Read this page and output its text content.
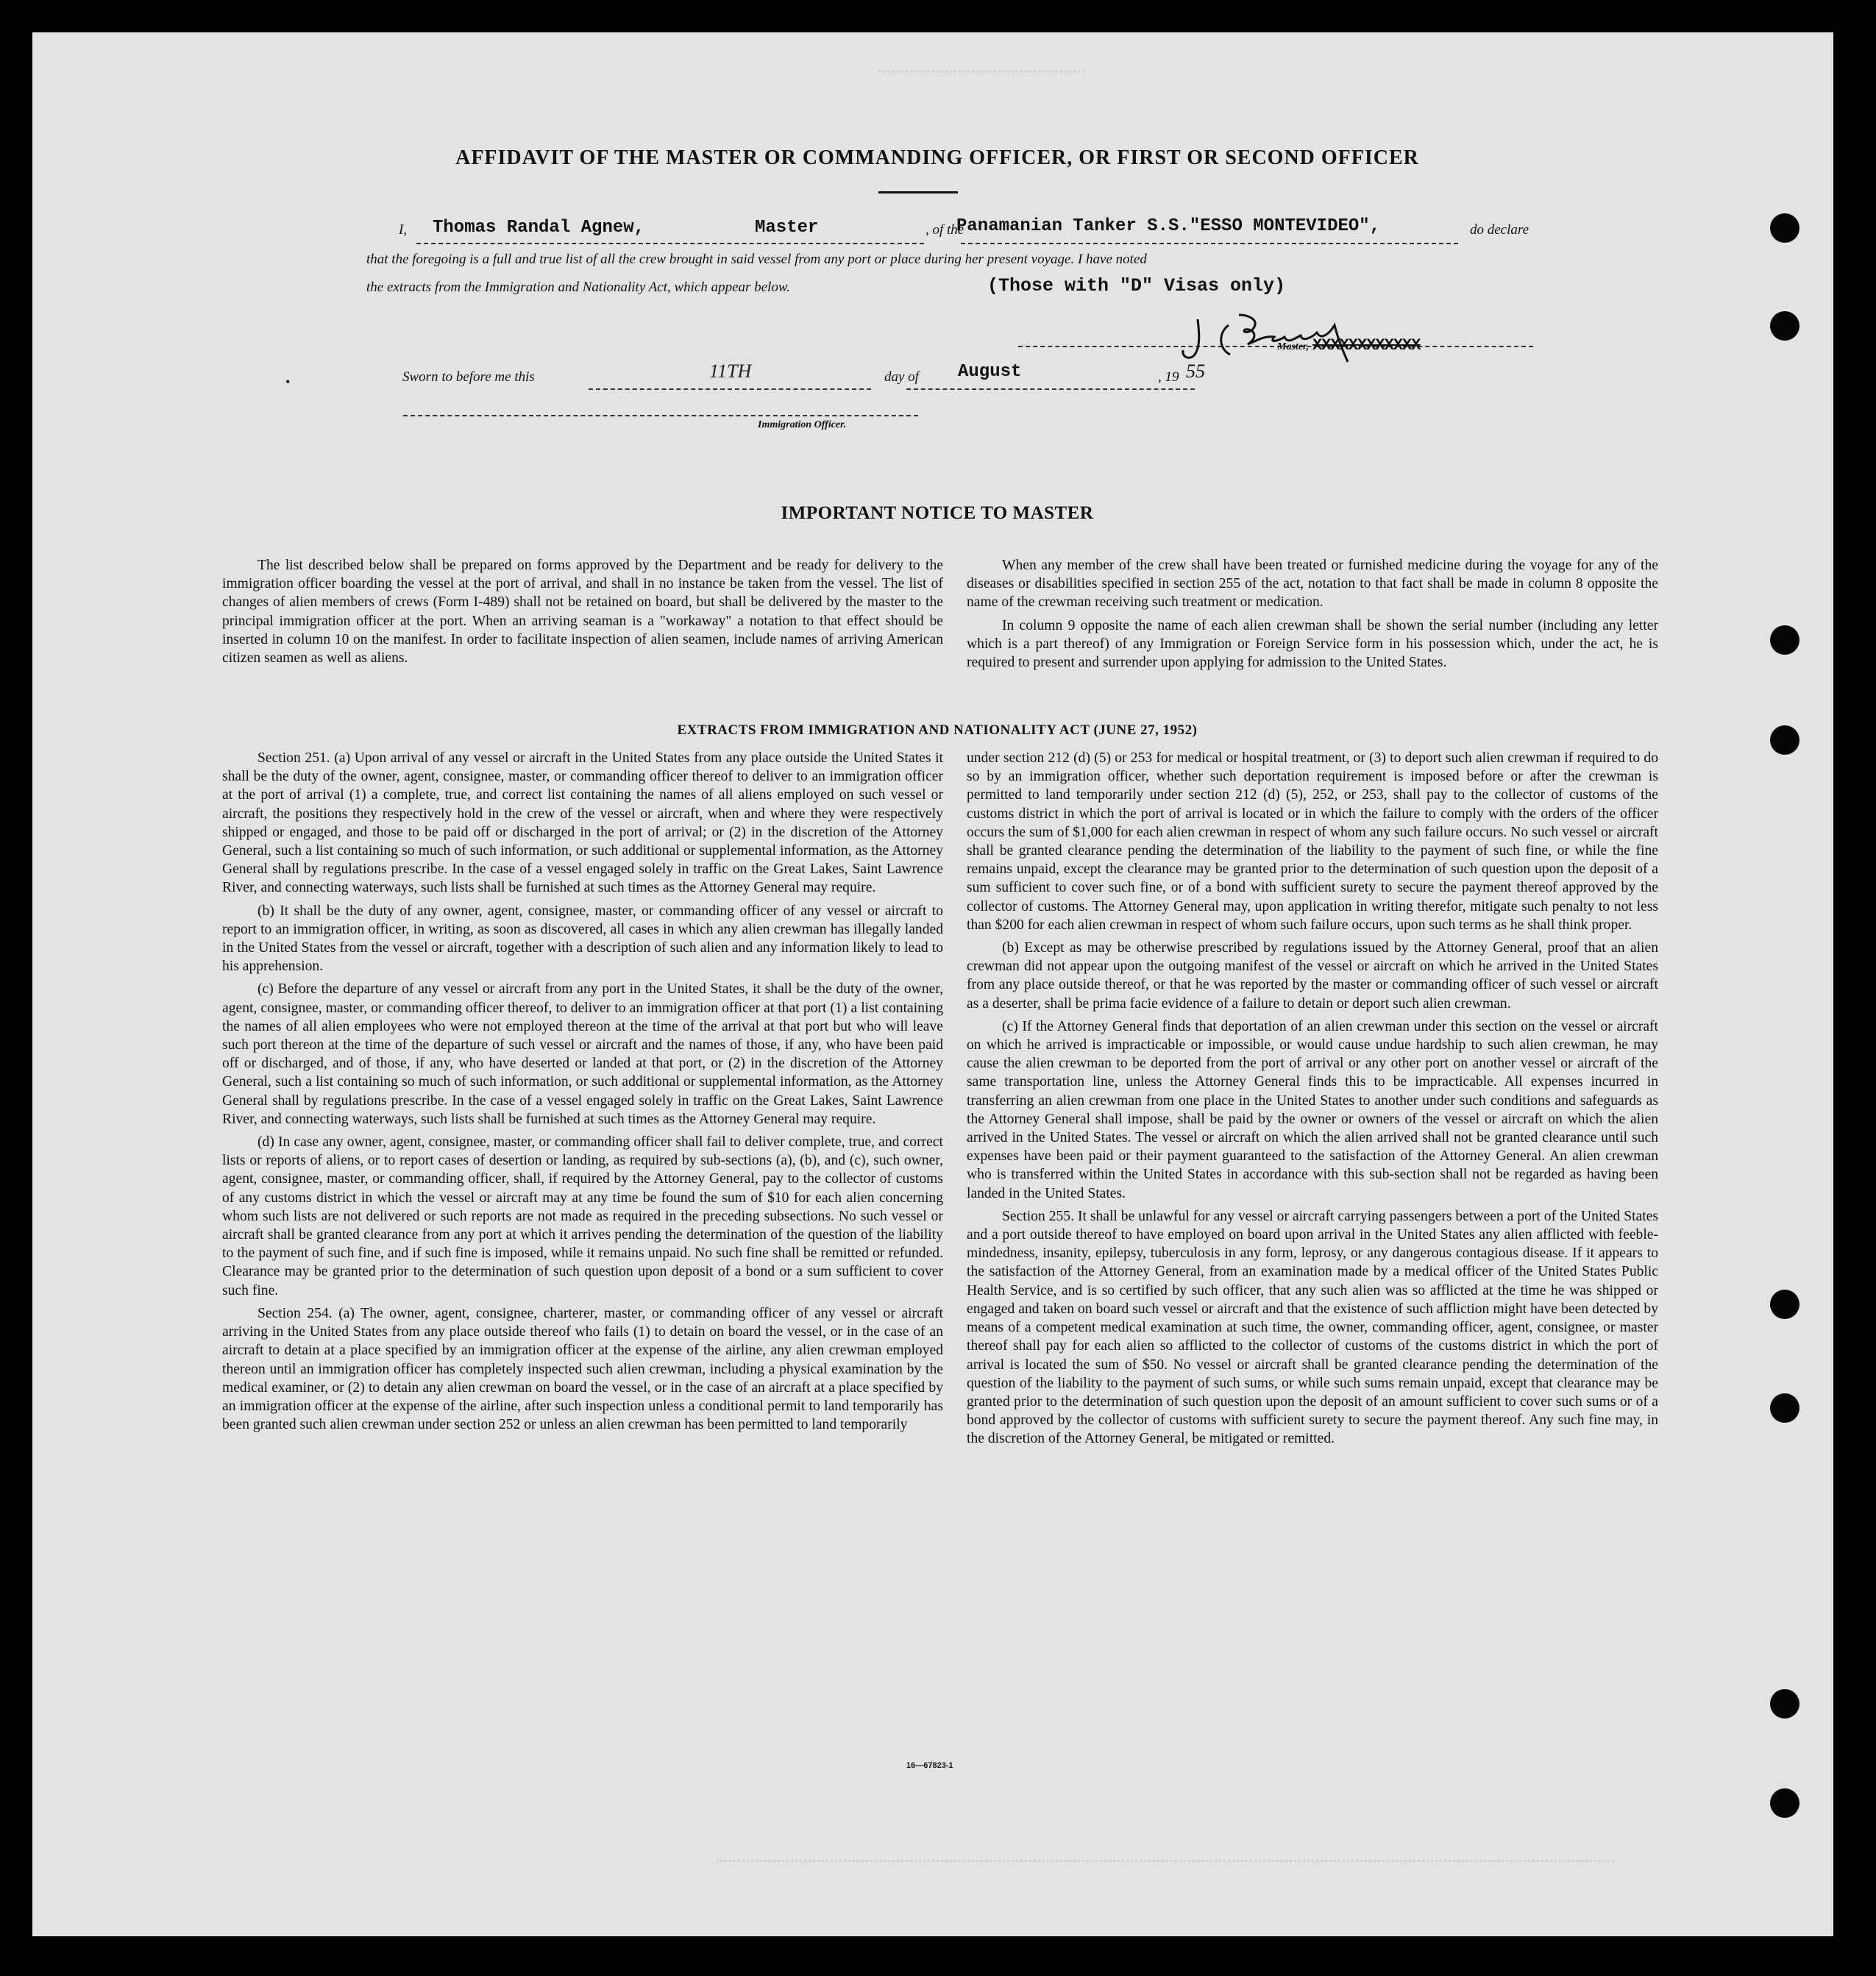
AFFIDAVIT OF THE MASTER OR COMMANDING OFFICER, OR FIRST OR SECOND OFFICER
I, Thomas Randal Agnew,	Master	, of the
Panamanian Tanker S.S."ESSO MONTEVIDEO",	do declare
that the foregoing is a full and true list of all the crew brought in said vessel from any port or place during her present voyage. I have noted
the extracts from the Immigration and Nationality Act, which appear below.	(Those with "D" Visas only)
Master, XXXXXXXXXXXX
•	Sworn to before me this	11TH	day of August	, 19 55
Immigration Officer.
IMPORTANT NOTICE TO MASTER

The list described below shall be prepared on forms approved by the Department and be ready for delivery to the immigration officer boarding the vessel at the port of arrival, and shall in no instance be taken from the vessel. The list of changes of alien members of crews (Form I-489) shall not be retained on board, but shall be delivered by the master to the principal immigration officer at the port. When an arriving seaman is a "workaway" a notation to that effect should be inserted in column 10 on the manifest. In order to facilitate inspection of alien seamen, include names of arriving American citizen seamen as well as aliens.

When any member of the crew shall have been treated or furnished medicine during the voyage for any of the diseases or disabilities specified in section 255 of the act, notation to that fact shall be made in column 8 opposite the name of the crewman receiving such treatment or medication.

In column 9 opposite the name of each alien crewman shall be shown the serial number (including any letter which is a part thereof) of any Immigration or Foreign Service form in his possession which, under the act, he is required to present and surrender upon applying for admission to the United States.

EXTRACTS FROM IMMIGRATION AND NATIONALITY ACT (JUNE 27, 1952)

Section 251. (a) Upon arrival of any vessel or aircraft in the United States from any place outside the United States it shall be the duty of the owner, agent, consignee, master, or commanding officer thereof to deliver to an immigration officer at the port of arrival (1) a complete, true, and correct list containing the names of all aliens employed on such vessel or aircraft, the positions they respectively hold in the crew of the vessel or aircraft, when and where they were respectively shipped or engaged, and those to be paid off or discharged in the port of arrival; or (2) in the discretion of the Attorney General, such a list containing so much of such information, or such additional or supplemental information, as the Attorney General shall by regulations prescribe. In the case of a vessel engaged solely in traffic on the Great Lakes, Saint Lawrence River, and connecting waterways, such lists shall be furnished at such times as the Attorney General may require.

(b) It shall be the duty of any owner, agent, consignee, master, or commanding officer of any vessel or aircraft to report to an immigration officer, in writing, as soon as discovered, all cases in which any alien crewman has illegally landed in the United States from the vessel or aircraft, together with a description of such alien and any information likely to lead to his apprehension.

(c) Before the departure of any vessel or aircraft from any port in the United States, it shall be the duty of the owner, agent, consignee, master, or commanding officer thereof, to deliver to an immigration officer at that port (1) a list containing the names of all alien employees who were not employed thereon at the time of the arrival at that port but who will leave such port thereon at the time of the departure of such vessel or aircraft and the names of those, if any, who have been paid off or discharged, and of those, if any, who have deserted or landed at that port, or (2) in the discretion of the Attorney General, such a list containing so much of such information, or such additional or supplemental information, as the Attorney General shall by regulations prescribe. In the case of a vessel engaged solely in traffic on the Great Lakes, Saint Lawrence River, and connecting waterways, such lists shall be furnished at such times as the Attorney General may require.

(d) In case any owner, agent, consignee, master, or commanding officer shall fail to deliver complete, true, and correct lists or reports of aliens, or to report cases of desertion or landing, as required by sub-sections (a), (b), and (c), such owner, agent, consignee, master, or commanding officer, shall, if required by the Attorney General, pay to the collector of customs of any customs district in which the vessel or aircraft may at any time be found the sum of $10 for each alien concerning whom such lists are not delivered or such reports are not made as required in the preceding subsections. No such vessel or aircraft shall be granted clearance from any port at which it arrives pending the determination of the question of the liability to the payment of such fine, and if such fine is imposed, while it remains unpaid. No such fine shall be remitted or refunded. Clearance may be granted prior to the determination of such question upon deposit of a bond or a sum sufficient to cover such fine.

Section 254. (a) The owner, agent, consignee, charterer, master, or commanding officer of any vessel or aircraft arriving in the United States from any place outside thereof who fails (1) to detain on board the vessel, or in the case of an aircraft to detain at a place specified by an immigration officer at the expense of the airline, any alien crewman employed thereon until an immigration officer has completely inspected such alien crewman, including a physical examination by the medical examiner, or (2) to detain any alien crewman on board the vessel, or in the case of an aircraft at a place specified by an immigration officer at the expense of the airline, after such inspection unless a conditional permit to land temporarily has been granted such alien crewman under section 252 or unless an alien crewman has been permitted to land temporarily

under section 212 (d) (5) or 253 for medical or hospital treatment, or (3) to deport such alien crewman if required to do so by an immigration officer, whether such deportation requirement is imposed before or after the crewman is permitted to land temporarily under section 212 (d) (5), 252, or 253, shall pay to the collector of customs of the customs district in which the port of arrival is located or in which the failure to comply with the orders of the officer occurs the sum of $1,000 for each alien crewman in respect of whom any such failure occurs. No such vessel or aircraft shall be granted clearance pending the determination of the liability to the payment of such fine, or while the fine remains unpaid, except the clearance may be granted prior to the determination of such question upon the deposit of a sum sufficient to cover such fine, or of a bond with sufficient surety to secure the payment thereof approved by the collector of customs. The Attorney General may, upon application in writing therefor, mitigate such penalty to not less than $200 for each alien crewman in respect of whom such failure occurs, upon such terms as he shall think proper.

(b) Except as may be otherwise prescribed by regulations issued by the Attorney General, proof that an alien crewman did not appear upon the outgoing manifest of the vessel or aircraft on which he arrived in the United States from any place outside thereof, or that he was reported by the master or commanding officer of such vessel or aircraft as a deserter, shall be prima facie evidence of a failure to detain or deport such alien crewman.

(c) If the Attorney General finds that deportation of an alien crewman under this section on the vessel or aircraft on which he arrived is impracticable or impossible, or would cause undue hardship to such alien crewman, he may cause the alien crewman to be deported from the port of arrival or any other port on another vessel or aircraft of the same transportation line, unless the Attorney General finds this to be impracticable. All expenses incurred in transferring an alien crewman from one place in the United States to another under such conditions and safeguards as the Attorney General shall impose, shall be paid by the owner or owners of the vessel or aircraft on which the alien arrived in the United States. The vessel or aircraft on which the alien arrived shall not be granted clearance until such expenses have been paid or their payment guaranteed to the satisfaction of the Attorney General. An alien crewman who is transferred within the United States in accordance with this sub-section shall not be regarded as having been landed in the United States.

Section 255. It shall be unlawful for any vessel or aircraft carrying passengers between a port of the United States and a port outside thereof to have employed on board upon arrival in the United States any alien afflicted with feeble-mindedness, insanity, epilepsy, tuberculosis in any form, leprosy, or any dangerous contagious disease. If it appears to the satisfaction of the Attorney General, from an examination made by a medical officer of the United States Public Health Service, and is so certified by such officer, that any such alien was so afflicted at the time he was shipped or engaged and taken on board such vessel or aircraft and that the existence of such affliction might have been detected by means of a competent medical examination at such time, the owner, commanding officer, agent, consignee, or master thereof shall pay for each alien so afflicted to the collector of customs of the customs district in which the port of arrival is located the sum of $50. No vessel or aircraft shall be granted clearance pending the determination of the question of the liability to the payment of such sums, or while such sums remain unpaid, except that clearance may be granted prior to the determination of such question upon the deposit of an amount sufficient to cover such sums or of a bond approved by the collector of customs with sufficient surety to secure the payment thereof. Any such fine may, in the discretion of the Attorney General, be mitigated or remitted.

16—67823-1
